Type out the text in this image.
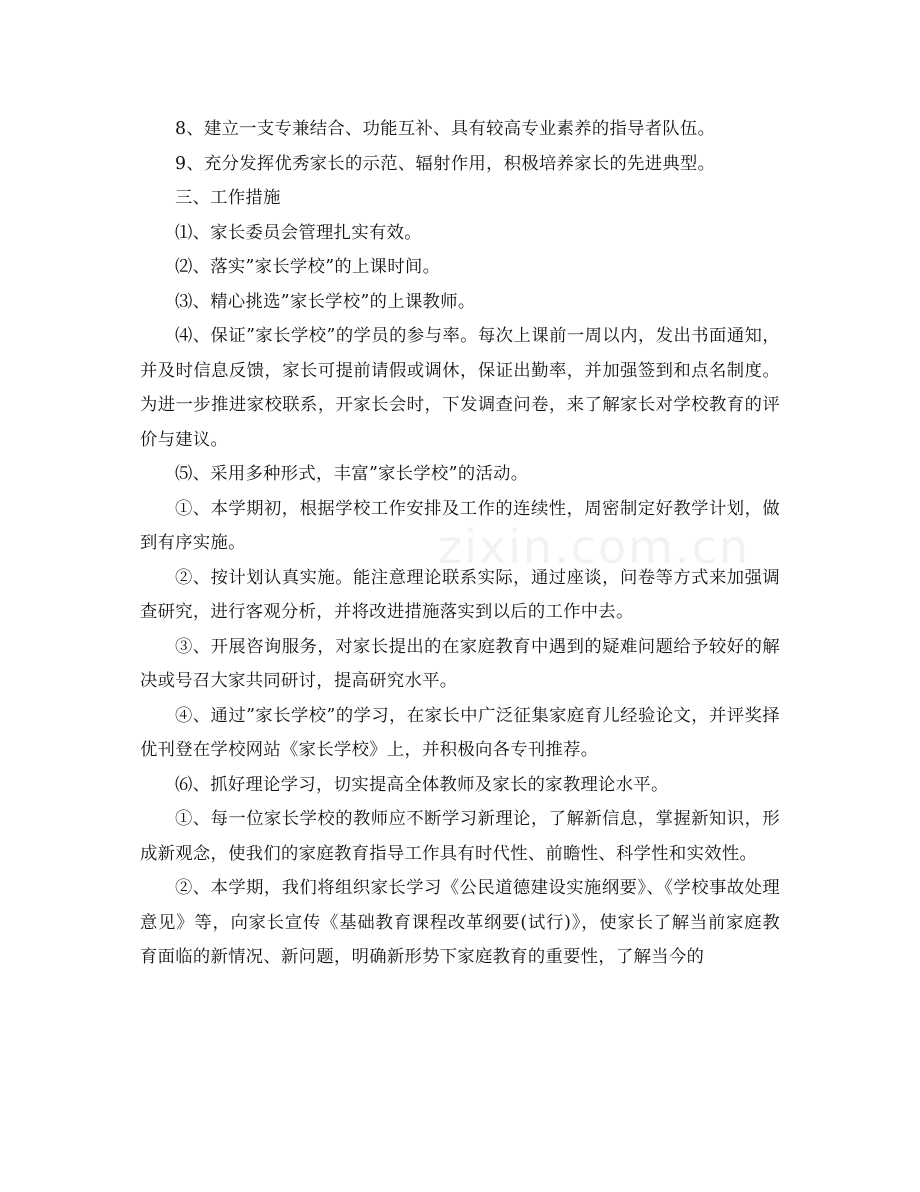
8、建立一支专兼结合、功能互补、具有较高专业素养的指导者队伍。

9、充分发挥优秀家长的示范、辐射作用，积极培养家长的先进典型。

三、工作措施

⑴、家长委员会管理扎实有效。

⑵、落实”家长学校”的上课时间。

⑶、精心挑选”家长学校”的上课教师。

⑷、保证”家长学校”的学员的参与率。每次上课前一周以内，发出书面通知，并及时信息反馈，家长可提前请假或调休，保证出勤率，并加强签到和点名制度。为进一步推进家校联系，开家长会时，下发调查问卷，来了解家长对学校教育的评价与建议。

⑸、采用多种形式，丰富”家长学校”的活动。

①、本学期初，根据学校工作安排及工作的连续性，周密制定好教学计划，做到有序实施。

②、按计划认真实施。能注意理论联系实际，通过座谈，问卷等方式来加强调查研究，进行客观分析，并将改进措施落实到以后的工作中去。

③、开展咨询服务，对家长提出的在家庭教育中遇到的疑难问题给予较好的解决或号召大家共同研讨，提高研究水平。

④、通过”家长学校”的学习，在家长中广泛征集家庭育儿经验论文，并评奖择优刊登在学校网站《家长学校》上，并积极向各专刊推荐。

⑹、抓好理论学习，切实提高全体教师及家长的家教理论水平。

①、每一位家长学校的教师应不断学习新理论，了解新信息，掌握新知识，形成新观念，使我们的家庭教育指导工作具有时代性、前瞻性、科学性和实效性。

②、本学期，我们将组织家长学习《公民道德建设实施纲要》、《学校事故处理意见》等，向家长宣传《基础教育课程改革纲要(试行)》，使家长了解当前家庭教育面临的新情况、新问题，明确新形势下家庭教育的重要性，了解当今的

zixin.com.cn
